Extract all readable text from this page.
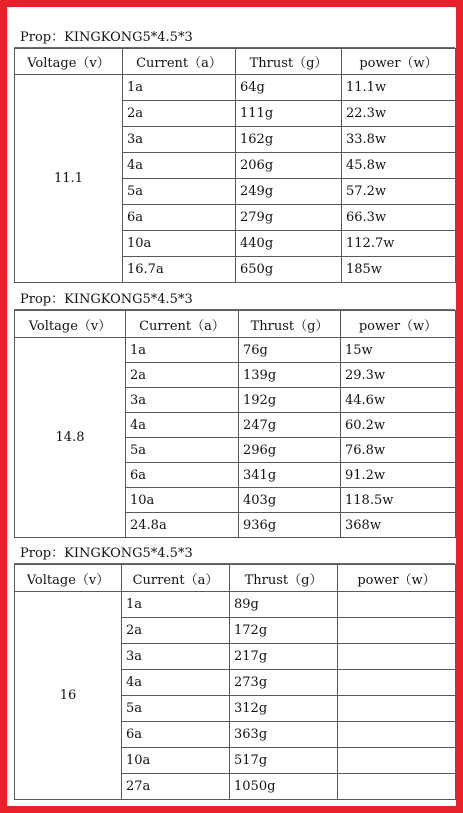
Prop：KINGKONG5*4.5*3
Voltage（v）	Current（a）	Thrust（g）	power（w）
11.1	1a	64g	11.1w
	2a	111g	22.3w
	3a	162g	33.8w
	4a	206g	45.8w
	5a	249g	57.2w
	6a	279g	66.3w
	10a	440g	112.7w
	16.7a	650g	185w
Prop：KINGKONG5*4.5*3
Voltage（v）	Current（a）	Thrust（g）	power（w）
14.8	1a	76g	15w
	2a	139g	29.3w
	3a	192g	44.6w
	4a	247g	60.2w
	5a	296g	76.8w
	6a	341g	91.2w
	10a	403g	118.5w
	24.8a	936g	368w
Prop：KINGKONG5*4.5*3
Voltage（v）	Current（a）	Thrust（g）	power（w）
16	1a	89g	
	2a	172g	
	3a	217g	
	4a	273g	
	5a	312g	
	6a	363g	
	10a	517g	
	27a	1050g	
